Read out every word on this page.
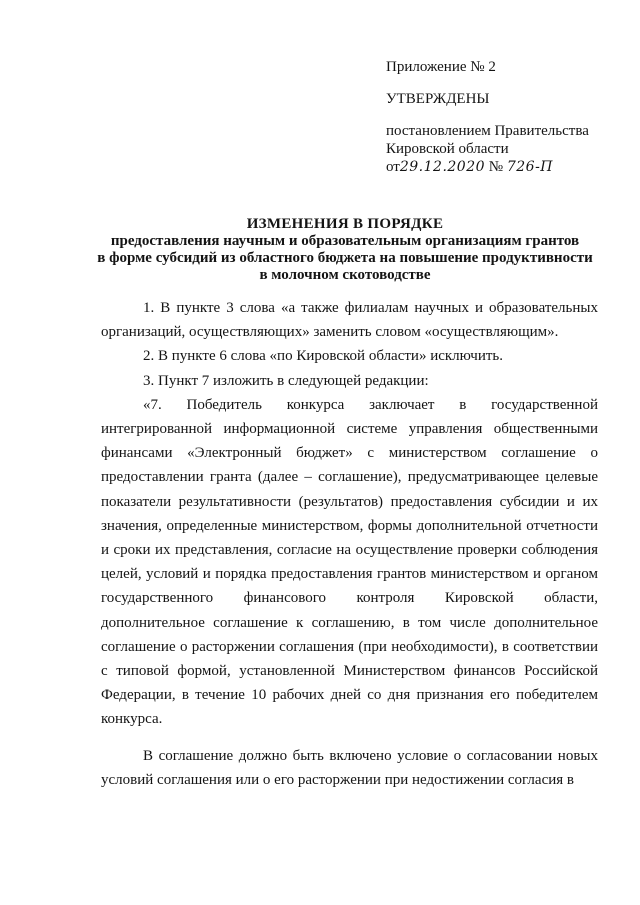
Приложение № 2
УТВЕРЖДЕНЫ
постановлением Правительства
Кировской области
от29.12.2020 № 726-П
ИЗМЕНЕНИЯ В ПОРЯДКЕ
предоставления научным и образовательным организациям грантов
в форме субсидий из областного бюджета на повышение продуктивности
в молочном скотоводстве

1. В пункте 3 слова «а также филиалам научных и образовательных организаций, осуществляющих» заменить словом «осуществляющим».

2. В пункте 6 слова «по Кировской области» исключить.

3. Пункт 7 изложить в следующей редакции:

«7. Победитель конкурса заключает в государственной интегрированной информационной системе управления общественными финансами «Электронный бюджет» с министерством соглашение о предоставлении гранта (далее – соглашение), предусматривающее целевые показатели результативности (результатов) предоставления субсидии и их значения, определенные министерством, формы дополнительной отчетности и сроки их представления, согласие на осуществление проверки соблюдения целей, условий и порядка предоставления грантов министерством и органом государственного финансового контроля Кировской области, дополнительное соглашение к соглашению, в том числе дополнительное соглашение о расторжении соглашения (при необходимости), в соответствии с типовой формой, установленной Министерством финансов Российской Федерации, в течение 10 рабочих дней со дня признания его победителем конкурса.

В соглашение должно быть включено условие о согласовании новых условий соглашения или о его расторжении при недостижении согласия в
